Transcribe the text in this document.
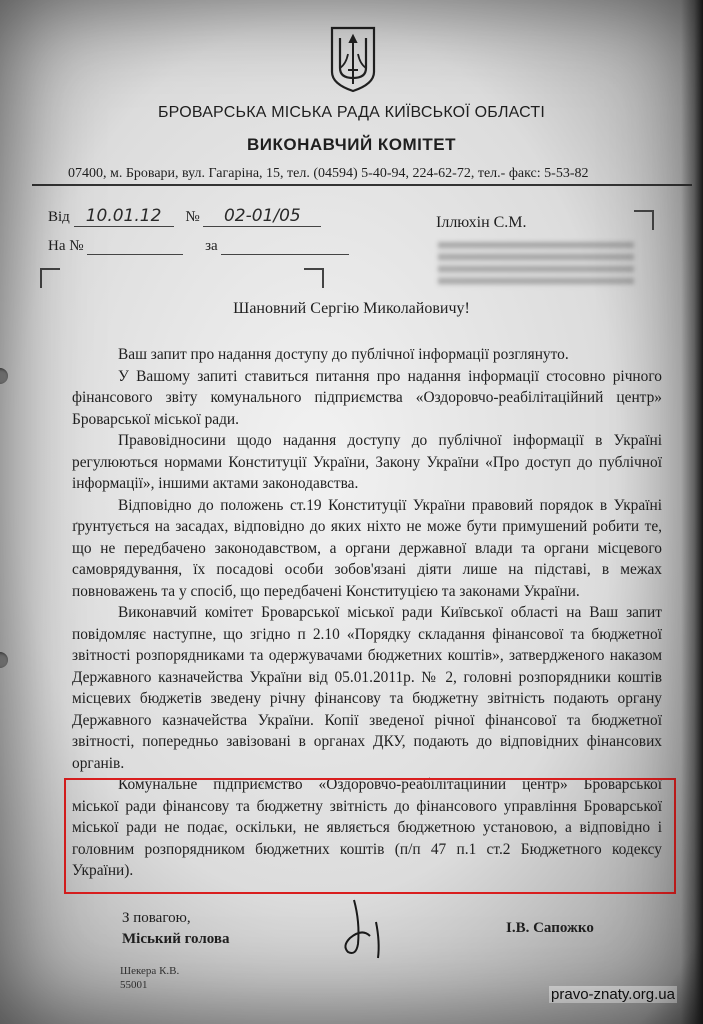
БРОВАРСЬКА МІСЬКА РАДА КИЇВСЬКОЇ ОБЛАСТІ
ВИКОНАВЧИЙ КОМІТЕТ
07400, м. Бровари, вул. Гагаріна, 15, тел. (04594) 5-40-94, 224-62-72, тел.- факс: 5-53-82
Від 10.01.12 № 02-01/05
На №	за
Іллюхін С.М.
Шановний Сергію Миколайовичу!

Ваш запит про надання доступу до публічної інформації розглянуто.

У Вашому запиті ставиться питання про надання інформації стосовно річного фінансового звіту комунального підприємства «Оздоровчо-реабілітаційний центр» Броварської міської ради.

Правовідносини щодо надання доступу до публічної інформації в Україні регулюються нормами Конституції України, Закону України «Про доступ до публічної інформації», іншими актами законодавства.

Відповідно до положень ст.19 Конституції України правовий порядок в Україні ґрунтується на засадах, відповідно до яких ніхто не може бути примушений робити те, що не передбачено законодавством, а органи державної влади та органи місцевого самоврядування, їх посадові особи зобов'язані діяти лише на підставі, в межах повноважень та у спосіб, що передбачені Конституцією та законами України.

Виконавчий комітет Броварської міської ради Київської області на Ваш запит повідомляє наступне, що згідно п 2.10 «Порядку складання фінансової та бюджетної звітності розпорядниками та одержувачами бюджетних коштів», затвердженого наказом Державного казначейства України від 05.01.2011р. № 2, головні розпорядники коштів місцевих бюджетів зведену річну фінансову та бюджетну звітність подають органу Державного казначейства України. Копії зведеної річної фінансової та бюджетної звітності, попередньо завізовані в органах ДКУ, подають до відповідних фінансових органів.

Комунальне підприємство «Оздоровчо-реабілітаційний центр» Броварської міської ради фінансову та бюджетну звітність до фінансового управління Броварської міської ради не подає, оскільки, не являється бюджетною установою, а відповідно і головним розпорядником бюджетних коштів (п/п 47 п.1 ст.2 Бюджетного кодексу України).

З повагою,
Міський голова
І.В. Сапожко
Шекера К.В.
55001
pravo-znaty.org.ua
